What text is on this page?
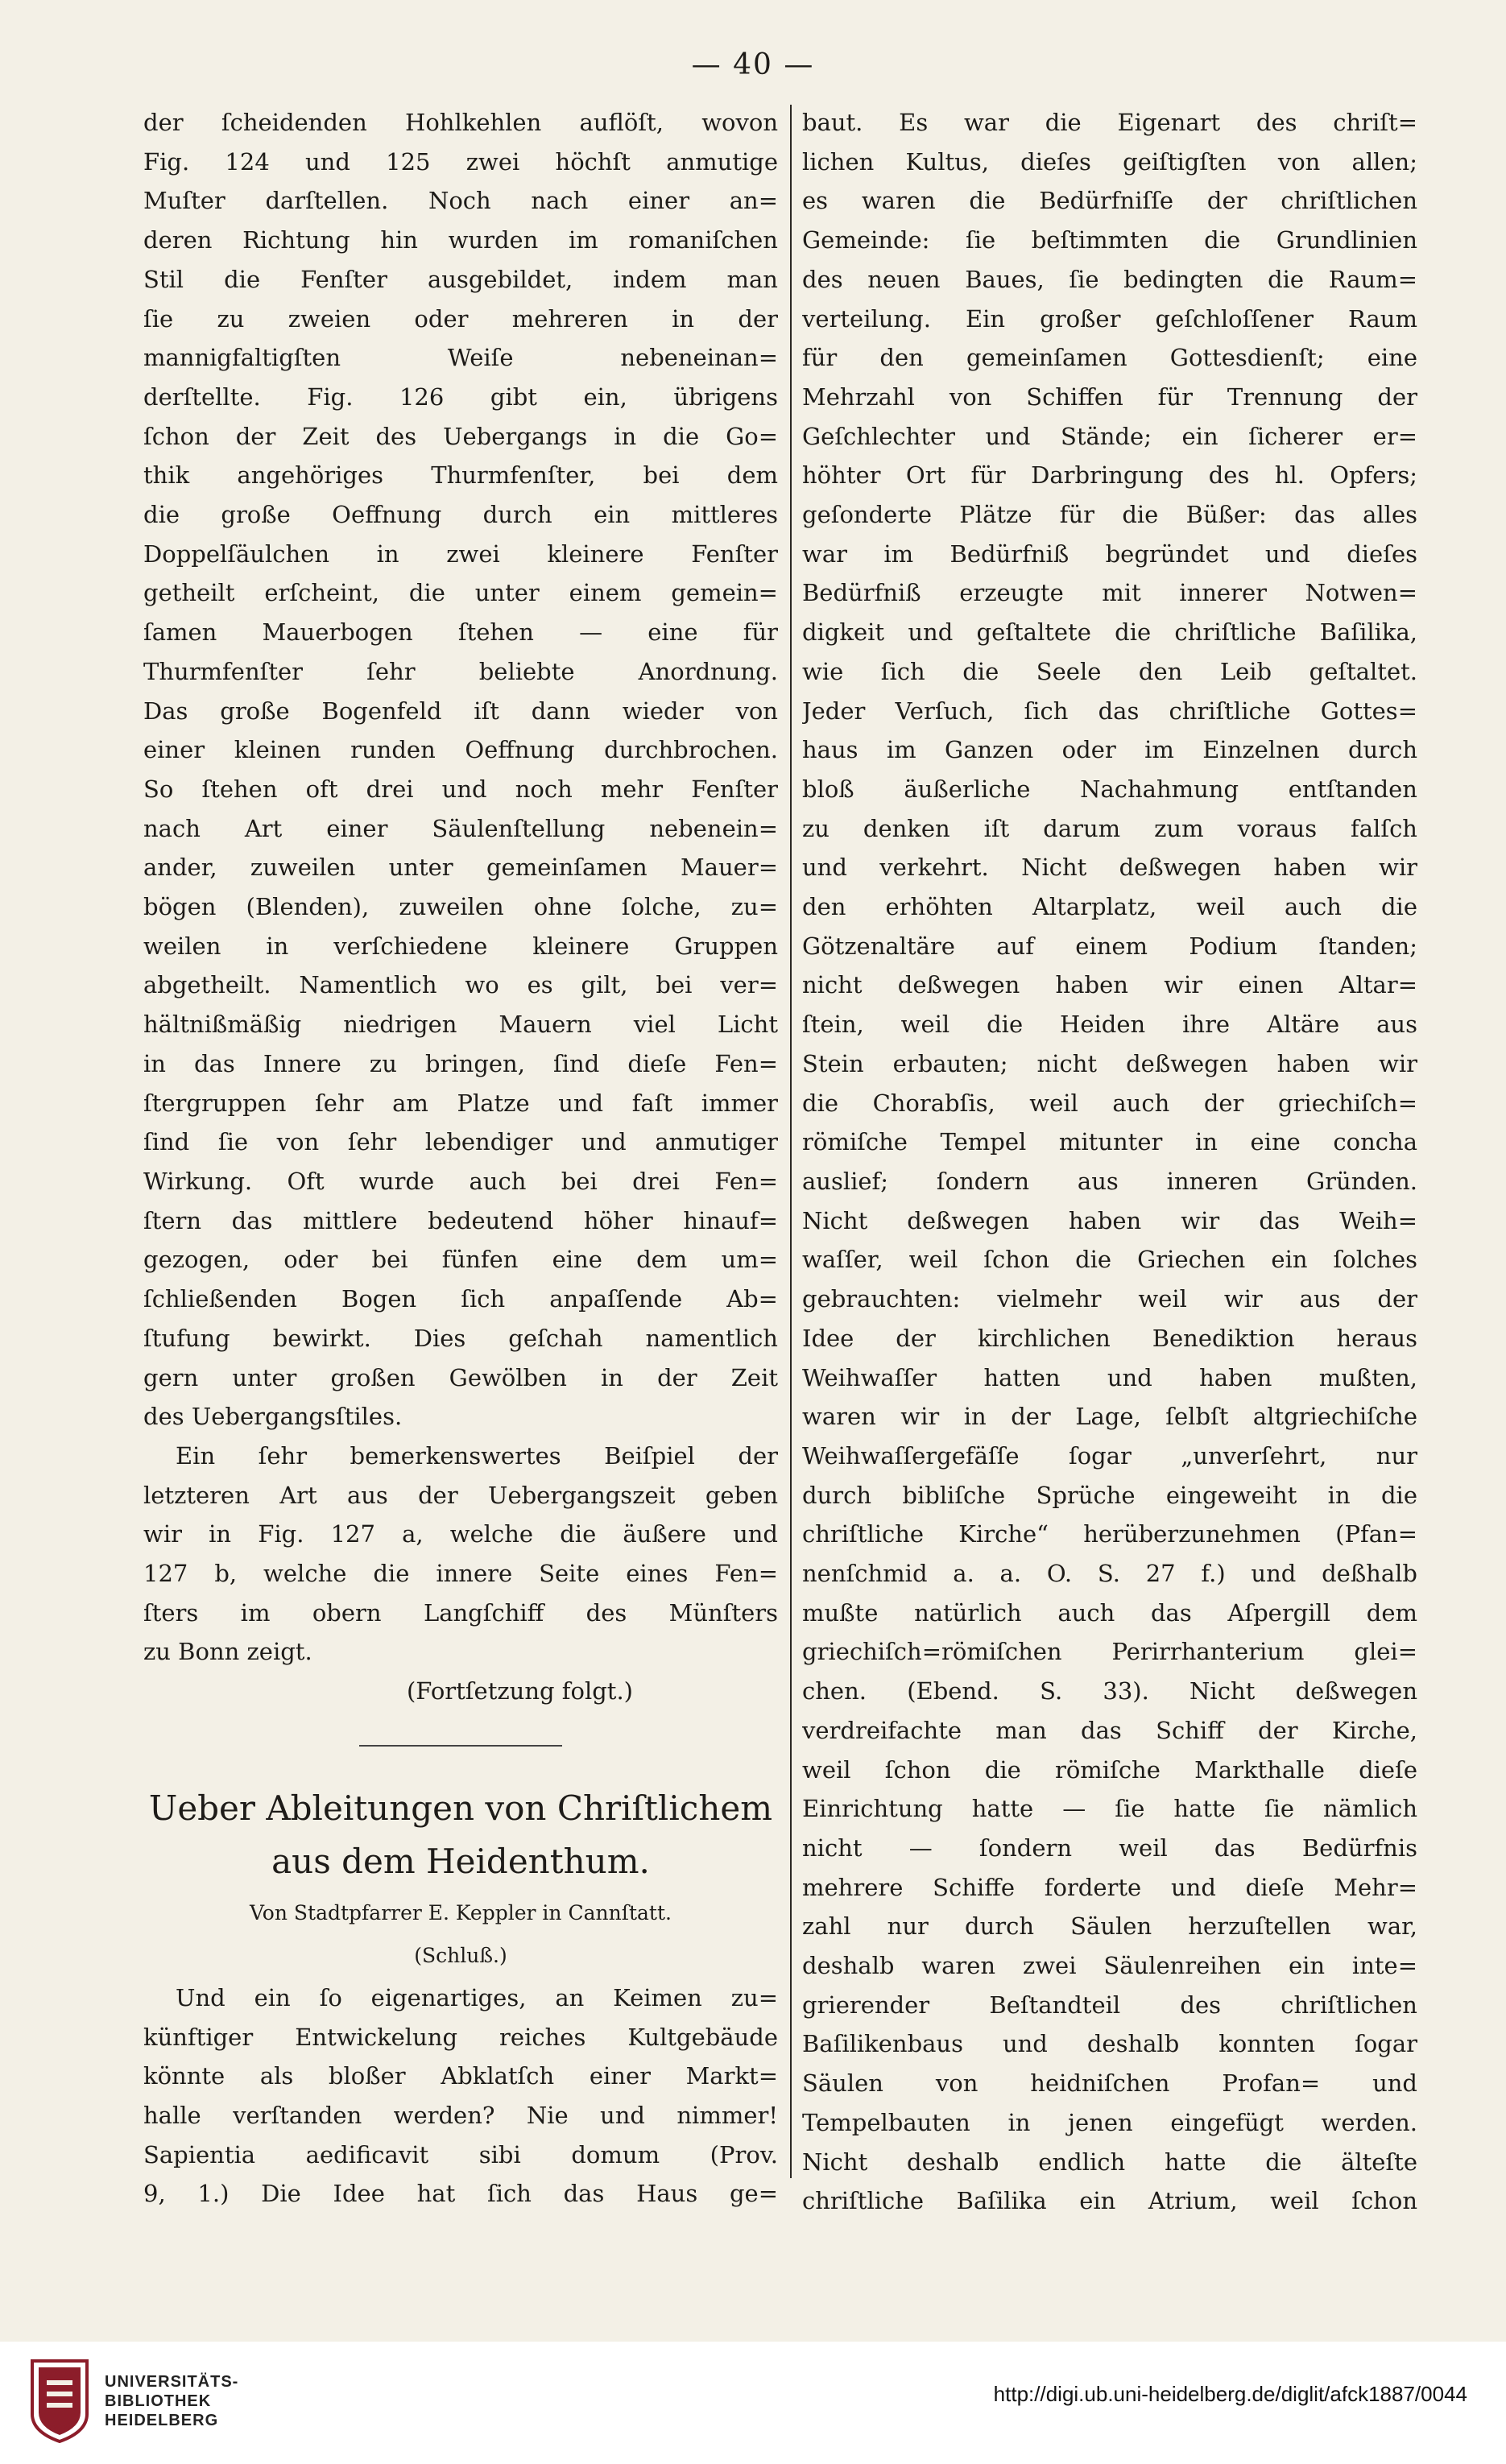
— 40 —
der ſcheidenden Hohlkehlen auflöſt, wovon
Fig. 124 und 125 zwei höchſt anmutige
Muſter darſtellen. Noch nach einer an=
deren Richtung hin wurden im romaniſchen
Stil die Fenſter ausgebildet, indem man
ſie zu zweien oder mehreren in der
mannigfaltigſten Weiſe nebeneinan=
derſtellte. Fig. 126 gibt ein, übrigens
ſchon der Zeit des Uebergangs in die Go=
thik angehöriges Thurmfenſter, bei dem
die große Oeffnung durch ein mittleres
Doppelſäulchen in zwei kleinere Fenſter
getheilt erſcheint, die unter einem gemein=
ſamen Mauerbogen ſtehen — eine für
Thurmfenſter ſehr beliebte Anordnung.
Das große Bogenfeld iſt dann wieder von
einer kleinen runden Oeffnung durchbrochen.
So ſtehen oft drei und noch mehr Fenſter
nach Art einer Säulenſtellung nebenein=
ander, zuweilen unter gemeinſamen Mauer=
bögen (Blenden), zuweilen ohne ſolche, zu=
weilen in verſchiedene kleinere Gruppen
abgetheilt. Namentlich wo es gilt, bei ver=
hältnißmäßig niedrigen Mauern viel Licht
in das Innere zu bringen, ſind dieſe Fen=
ſtergruppen ſehr am Platze und faſt immer
ſind ſie von ſehr lebendiger und anmutiger
Wirkung. Oft wurde auch bei drei Fen=
ſtern das mittlere bedeutend höher hinauf=
gezogen, oder bei fünfen eine dem um=
ſchließenden Bogen ſich anpaſſende Ab=
ſtufung bewirkt. Dies geſchah namentlich
gern unter großen Gewölben in der Zeit
des Uebergangsſtiles.
Ein ſehr bemerkenswertes Beiſpiel der
letzteren Art aus der Uebergangszeit geben
wir in Fig. 127 a, welche die äußere und
127 b, welche die innere Seite eines Fen=
ſters im obern Langſchiff des Münſters
zu Bonn zeigt.
(Fortſetzung folgt.)
Ueber Ableitungen von Chriſtlichem
aus dem Heidenthum.
Von Stadtpfarrer E. Keppler in Cannſtatt.
(Schluß.)
Und ein ſo eigenartiges, an Keimen zu=
künftiger Entwickelung reiches Kultgebäude
könnte als bloßer Abklatſch einer Markt=
halle verſtanden werden? Nie und nimmer!
Sapientia aedificavit sibi domum (Prov.
9, 1.) Die Idee hat ſich das Haus ge=
baut. Es war die Eigenart des chriſt=
lichen Kultus, dieſes geiſtigſten von allen;
es waren die Bedürfniſſe der chriſtlichen
Gemeinde: ſie beſtimmten die Grundlinien
des neuen Baues, ſie bedingten die Raum=
verteilung. Ein großer geſchloſſener Raum
für den gemeinſamen Gottesdienſt; eine
Mehrzahl von Schiffen für Trennung der
Geſchlechter und Stände; ein ſicherer er=
höhter Ort für Darbringung des hl. Opfers;
geſonderte Plätze für die Büßer: das alles
war im Bedürfniß begründet und dieſes
Bedürfniß erzeugte mit innerer Notwen=
digkeit und geſtaltete die chriſtliche Baſilika,
wie ſich die Seele den Leib geſtaltet.
Jeder Verſuch, ſich das chriſtliche Gottes=
haus im Ganzen oder im Einzelnen durch
bloß äußerliche Nachahmung entſtanden
zu denken iſt darum zum voraus falſch
und verkehrt. Nicht deßwegen haben wir
den erhöhten Altarplatz, weil auch die
Götzenaltäre auf einem Podium ſtanden;
nicht deßwegen haben wir einen Altar=
ſtein, weil die Heiden ihre Altäre aus
Stein erbauten; nicht deßwegen haben wir
die Chorabſis, weil auch der griechiſch=
römiſche Tempel mitunter in eine concha
auslief; ſondern aus inneren Gründen.
Nicht deßwegen haben wir das Weih=
waſſer, weil ſchon die Griechen ein ſolches
gebrauchten: vielmehr weil wir aus der
Idee der kirchlichen Benediktion heraus
Weihwaſſer hatten und haben mußten,
waren wir in der Lage, ſelbſt altgriechiſche
Weihwaſſergefäſſe ſogar „unverſehrt, nur
durch bibliſche Sprüche eingeweiht in die
chriſtliche Kirche“ herüberzunehmen (Pfan=
nenſchmid a. a. O. S. 27 f.) und deßhalb
mußte natürlich auch das Aſpergill dem
griechiſch=römiſchen Perirrhanterium glei=
chen. (Ebend. S. 33). Nicht deßwegen
verdreifachte man das Schiff der Kirche,
weil ſchon die römiſche Markthalle dieſe
Einrichtung hatte — ſie hatte ſie nämlich
nicht — ſondern weil das Bedürfnis
mehrere Schiffe forderte und dieſe Mehr=
zahl nur durch Säulen herzuſtellen war,
deshalb waren zwei Säulenreihen ein inte=
grierender Beſtandteil des chriſtlichen
Baſilikenbaus und deshalb konnten ſogar
Säulen von heidniſchen Profan= und
Tempelbauten in jenen eingefügt werden.
Nicht deshalb endlich hatte die älteſte
chriſtliche Baſilika ein Atrium, weil ſchon
UNIVERSITÄTS-
BIBLIOTHEK
HEIDELBERG
http://digi.ub.uni-heidelberg.de/diglit/afck1887/0044
